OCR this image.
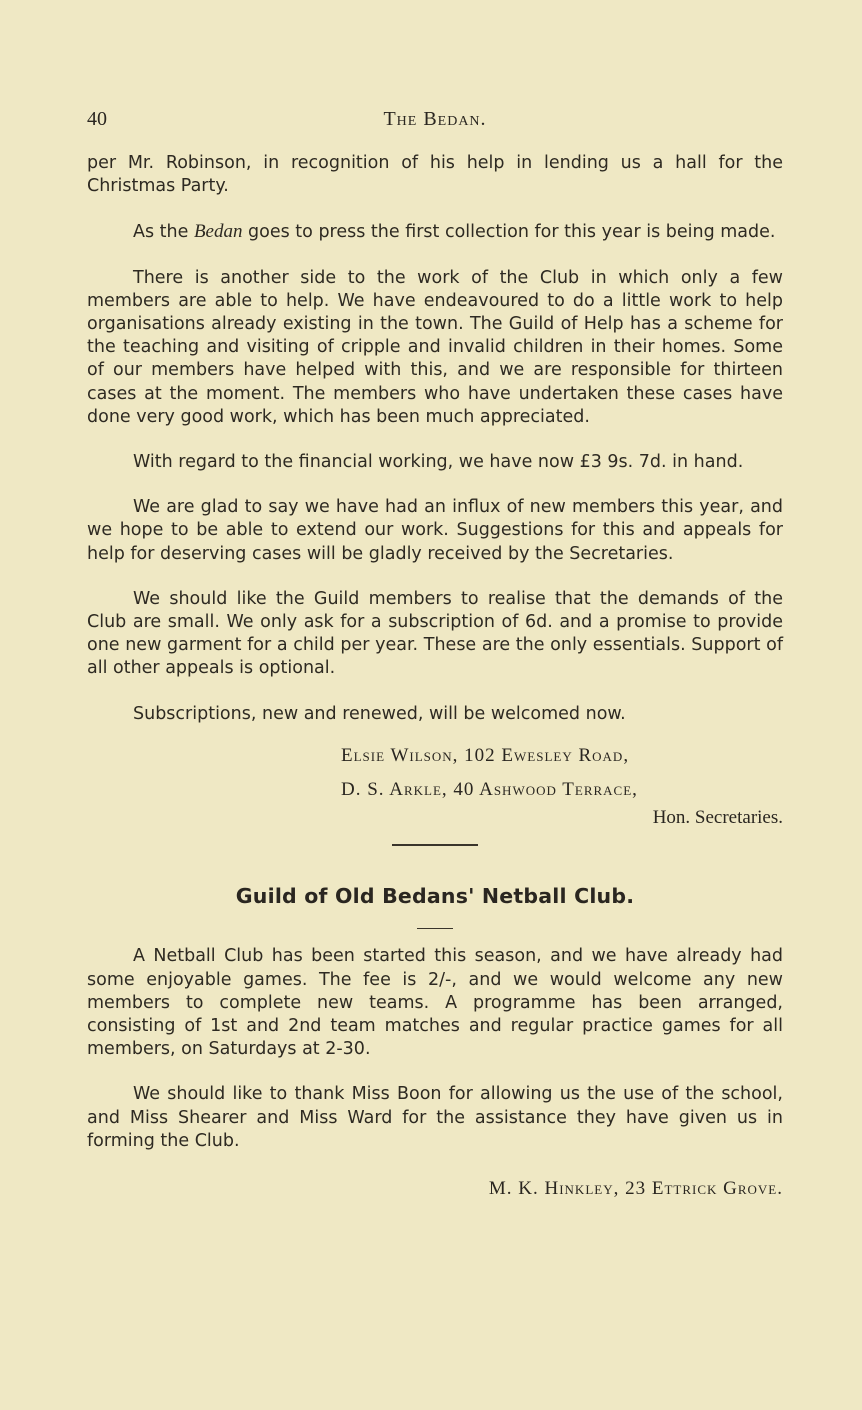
40	The Bedan.

per Mr. Robinson, in recognition of his help in lending us a hall for the Christmas Party.

As the Bedan goes to press the first collection for this year is being made.

There is another side to the work of the Club in which only a few members are able to help. We have endeavoured to do a little work to help organisations already existing in the town. The Guild of Help has a scheme for the teaching and visiting of cripple and invalid children in their homes. Some of our members have helped with this, and we are responsible for thirteen cases at the moment. The members who have undertaken these cases have done very good work, which has been much appreciated.

With regard to the financial working, we have now £3 9s. 7d. in hand.

We are glad to say we have had an influx of new members this year, and we hope to be able to extend our work. Suggestions for this and appeals for help for deserving cases will be gladly received by the Secretaries.

We should like the Guild members to realise that the demands of the Club are small. We only ask for a subscription of 6d. and a promise to provide one new garment for a child per year. These are the only essentials. Support of all other appeals is optional.

Subscriptions, new and renewed, will be welcomed now.

Elsie Wilson, 102 Ewesley Road,
D. S. Arkle, 40 Ashwood Terrace,
Hon. Secretaries.
Guild of Old Bedans' Netball Club.

A Netball Club has been started this season, and we have already had some enjoyable games. The fee is 2/-, and we would welcome any new members to complete new teams. A programme has been arranged, consisting of 1st and 2nd team matches and regular practice games for all members, on Saturdays at 2-30.

We should like to thank Miss Boon for allowing us the use of the school, and Miss Shearer and Miss Ward for the assistance they have given us in forming the Club.

M. K. Hinkley, 23 Ettrick Grove.
